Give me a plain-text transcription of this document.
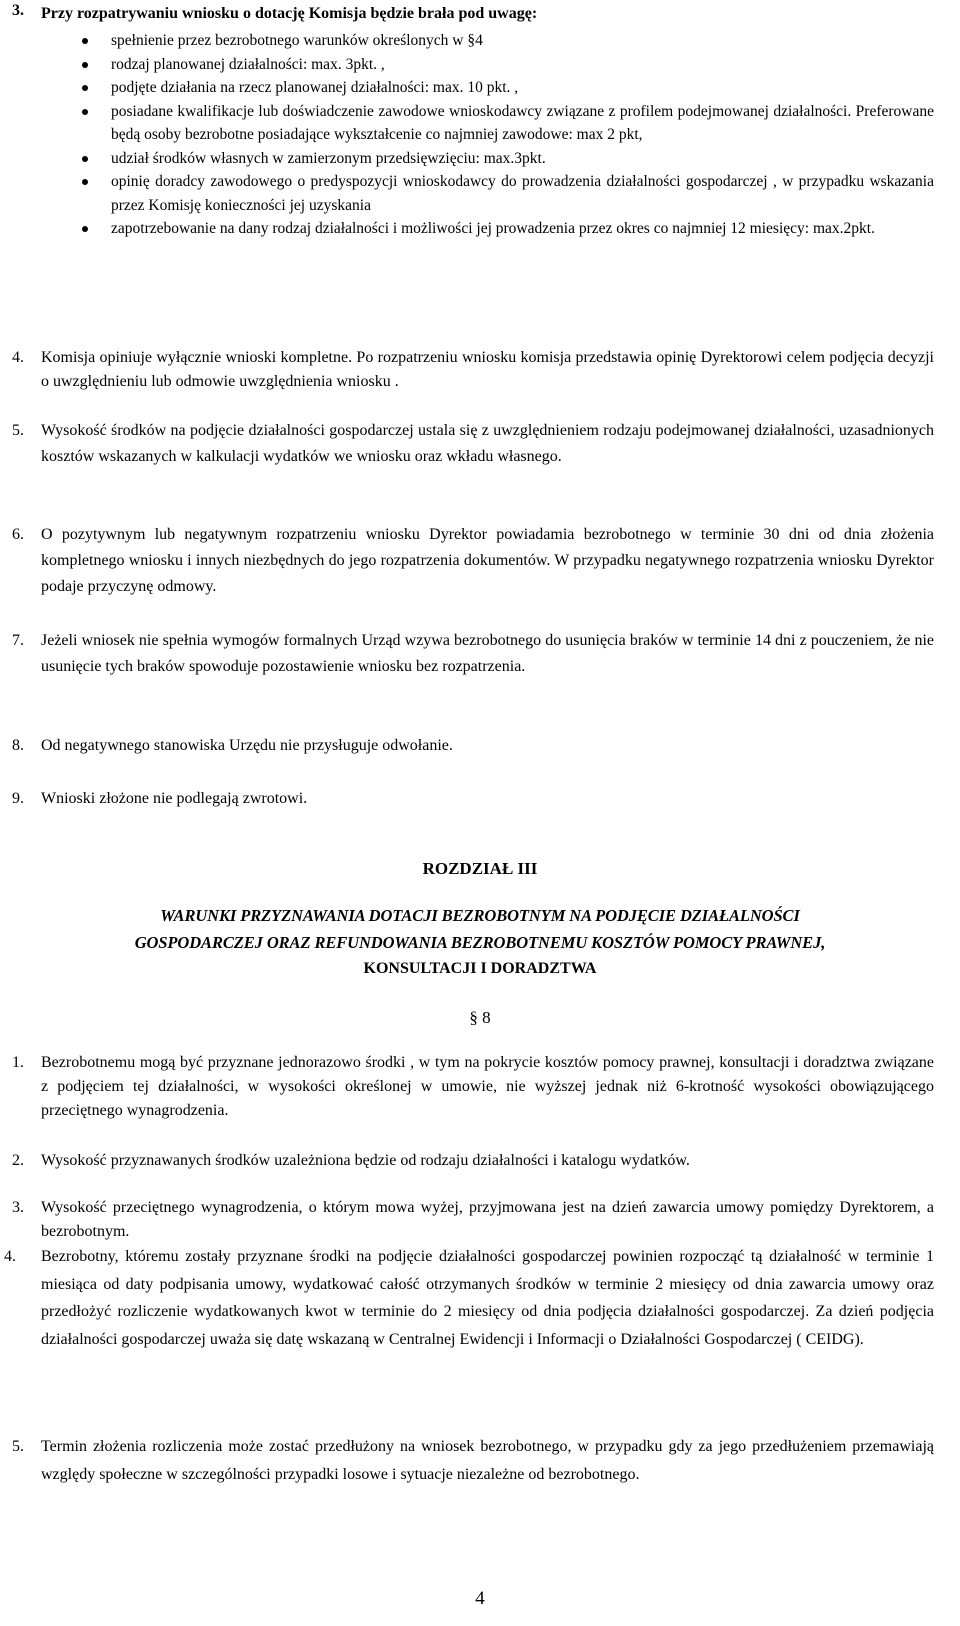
3. Przy rozpatrywaniu wniosku o dotację Komisja będzie brała pod uwagę:
spełnienie przez bezrobotnego warunków określonych w §4
rodzaj planowanej działalności: max. 3pkt. ,
podjęte działania na rzecz planowanej działalności: max. 10 pkt. ,
posiadane kwalifikacje lub doświadczenie zawodowe wnioskodawcy związane z profilem podejmowanej działalności. Preferowane będą osoby bezrobotne posiadające wykształcenie co najmniej zawodowe: max 2 pkt,
udział środków własnych w zamierzonym przedsięwzięciu: max.3pkt.
opinię doradcy zawodowego o predyspozycji wnioskodawcy do prowadzenia działalności gospodarczej , w przypadku wskazania przez Komisję konieczności jej uzyskania
zapotrzebowanie na dany rodzaj działalności i możliwości jej prowadzenia przez okres co najmniej 12 miesięcy: max.2pkt.
4. Komisja opiniuje wyłącznie wnioski kompletne. Po rozpatrzeniu wniosku komisja przedstawia opinię Dyrektorowi celem podjęcia decyzji o uwzględnieniu lub odmowie uwzględnienia wniosku .
5. Wysokość środków na podjęcie działalności gospodarczej ustala się z uwzględnieniem rodzaju podejmowanej działalności, uzasadnionych kosztów wskazanych w kalkulacji wydatków we wniosku oraz wkładu własnego.
6. O pozytywnym lub negatywnym rozpatrzeniu wniosku Dyrektor powiadamia bezrobotnego w terminie 30 dni od dnia złożenia kompletnego wniosku i innych niezbędnych do jego rozpatrzenia dokumentów. W przypadku negatywnego rozpatrzenia wniosku Dyrektor podaje przyczynę odmowy.
7. Jeżeli wniosek nie spełnia wymogów formalnych Urząd wzywa bezrobotnego do usunięcia braków w terminie 14 dni z pouczeniem, że nie usunięcie tych braków spowoduje pozostawienie wniosku bez rozpatrzenia.
8. Od negatywnego stanowiska Urzędu nie przysługuje odwołanie.
9. Wnioski złożone nie podlegają zwrotowi.
ROZDZIAŁ III
WARUNKI PRZYZNAWANIA DOTACJI BEZROBOTNYM NA PODJĘCIE DZIAŁALNOŚCI
GOSPODARCZEJ ORAZ REFUNDOWANIA BEZROBOTNEMU KOSZTÓW POMOCY PRAWNEJ,
KONSULTACJI I DORADZTWA
§ 8
1. Bezrobotnemu mogą być przyznane jednorazowo środki , w tym na pokrycie kosztów pomocy prawnej, konsultacji i doradztwa związane z podjęciem tej działalności, w wysokości określonej w umowie, nie wyższej jednak niż 6-krotność wysokości obowiązującego przeciętnego wynagrodzenia.
2. Wysokość przyznawanych środków uzależniona będzie od rodzaju działalności i katalogu wydatków.
3. Wysokość przeciętnego wynagrodzenia, o którym mowa wyżej, przyjmowana jest na dzień zawarcia umowy pomiędzy Dyrektorem, a bezrobotnym.
4. Bezrobotny, któremu zostały przyznane środki na podjęcie działalności gospodarczej powinien rozpocząć tą działalność w terminie 1 miesiąca od daty podpisania umowy, wydatkować całość otrzymanych środków w terminie 2 miesięcy od dnia zawarcia umowy oraz przedłożyć rozliczenie wydatkowanych kwot w terminie do 2 miesięcy od dnia podjęcia działalności gospodarczej. Za dzień podjęcia działalności gospodarczej uważa się datę wskazaną w Centralnej Ewidencji i Informacji o Działalności Gospodarczej ( CEIDG).
5. Termin złożenia rozliczenia może zostać przedłużony na wniosek bezrobotnego, w przypadku gdy za jego przedłużeniem przemawiają względy społeczne w szczególności przypadki losowe i sytuacje niezależne od bezrobotnego.
4
